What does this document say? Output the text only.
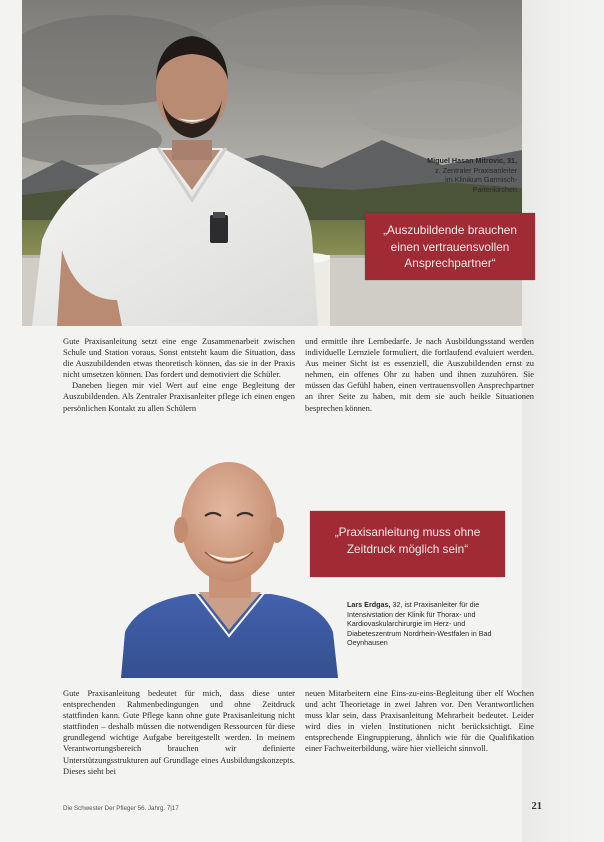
Miguel Hasan Mitrovic, 31,
z. Zentraler Praxisanleiter
im Klinikum Garmisch-
Partenkirchen
„Auszubildende brauchen
einen vertrauensvollen
Ansprechpartner“

Gute Praxisanleitung setzt eine enge Zusammenarbeit zwischen Schule und Station voraus. Sonst entsteht kaum die Situation, dass die Auszubildenden etwas theoretisch können, das sie in der Praxis nicht umsetzen können. Das fordert und demotiviert die Schüler.

Daneben liegen mir viel Wert auf eine enge Begleitung der Auszubildenden. Als Zentraler Praxisanleiter pflege ich einen engen persönlichen Kontakt zu allen Schülern

und ermittle ihre Lernbedarfe. Je nach Ausbildungsstand werden individuelle Lernziele formuliert, die fortlaufend evaluiert werden. Aus meiner Sicht ist es essenziell, die Auszubildenden ernst zu nehmen, ein offenes Ohr zu haben und ihnen zuzuhören. Sie müssen das Gefühl haben, einen vertrauensvollen Ansprechpartner an ihrer Seite zu haben, mit dem sie auch heikle Situationen besprechen können.

„Praxisanleitung muss ohne
Zeitdruck möglich sein“
Lars Erdgas, 32, ist Praxisanleiter für die Intensivstation der Klinik für Thorax- und Kardiovaskularchirurgie im Herz- und Diabeteszentrum Nordrhein-Westfalen in Bad Oeynhausen

Gute Praxisanleitung bedeutet für mich, dass diese unter entsprechenden Rahmenbedingungen und ohne Zeitdruck stattfinden kann. Gute Pflege kann ohne gute Praxisanleitung nicht stattfinden – deshalb müssen die notwendigen Ressourcen für diese grundlegend wichtige Aufgabe bereitgestellt werden. In meinem Verantwortungsbereich brauchen wir definierte Unterstützungsstrukturen auf Grundlage eines Ausbildungskonzepts. Dieses sieht bei

neuen Mitarbeitern eine Eins-zu-eins-Begleitung über elf Wochen und acht Theorietage in zwei Jahren vor. Den Verantwortlichen muss klar sein, dass Praxisanleitung Mehrarbeit bedeutet. Leider wird dies in vielen Institutionen nicht berücksichtigt. Eine entsprechende Eingruppierung, ähnlich wie für die Qualifikation einer Fachweiterbildung, wäre hier vielleicht sinnvoll.

Die Schwester Der Pfleger 56. Jahrg. 7|17	21
